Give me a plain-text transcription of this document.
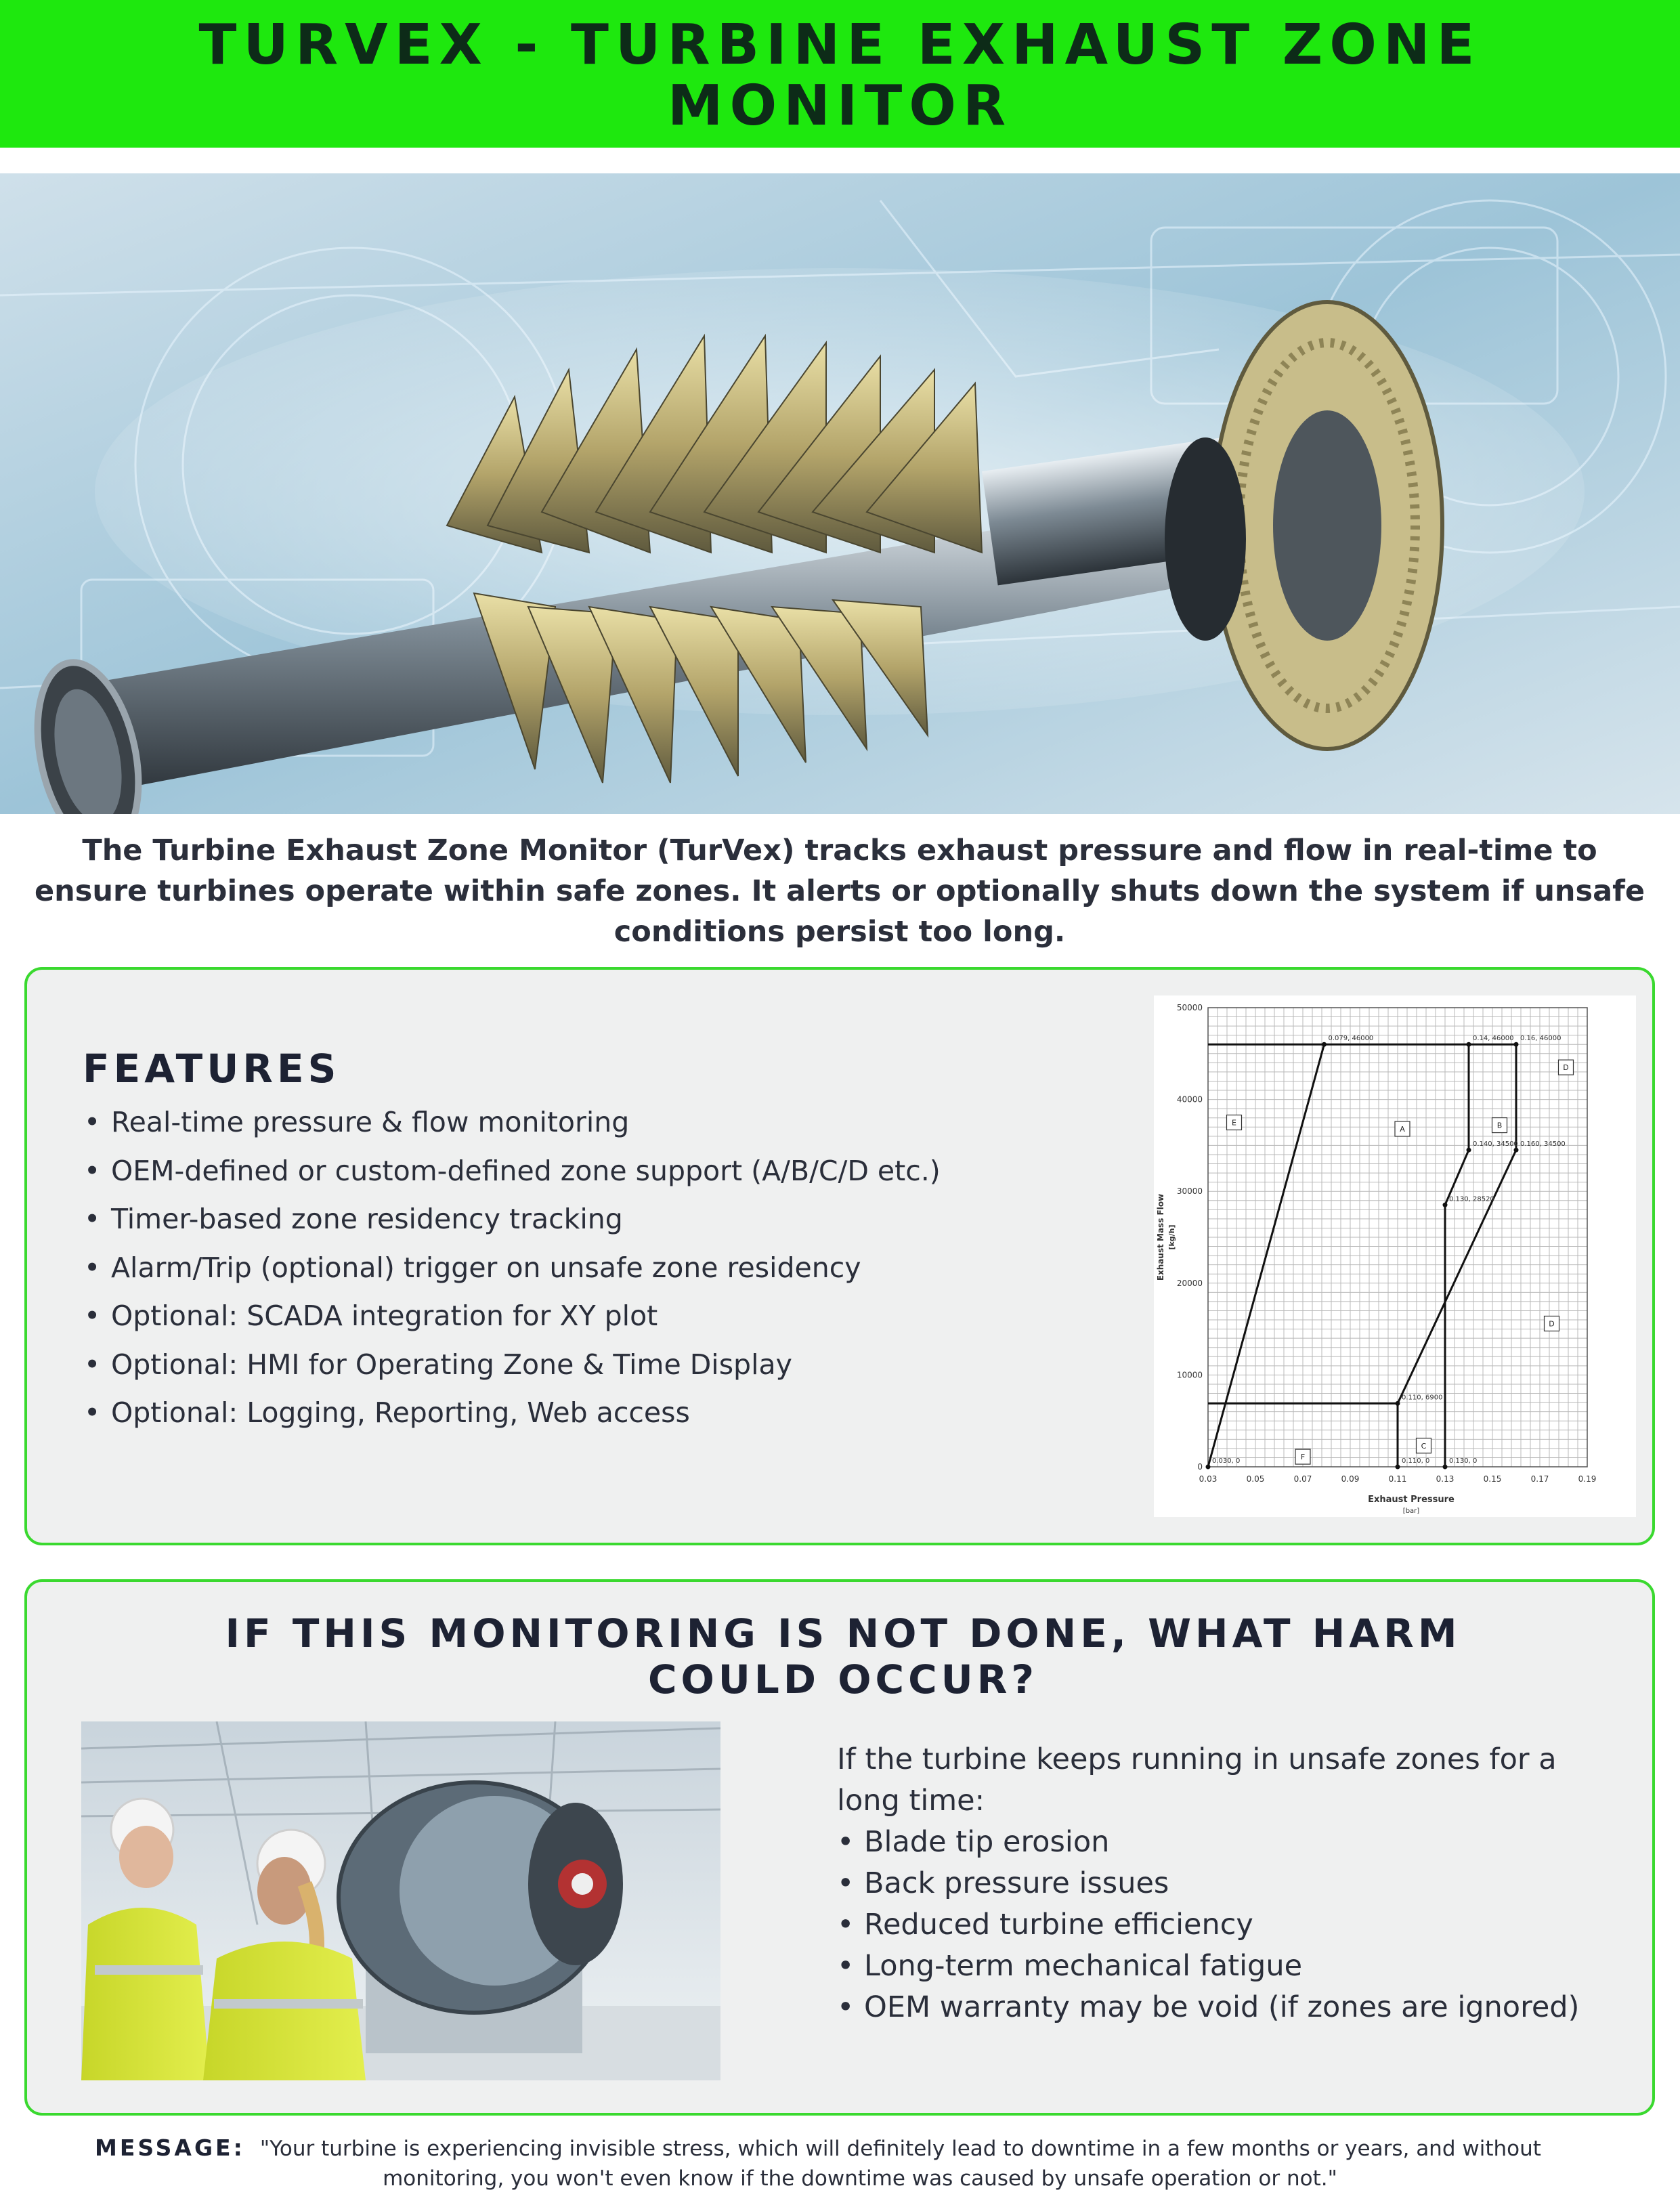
TURVEX - TURBINE EXHAUST ZONE
MONITOR
The Turbine Exhaust Zone Monitor (TurVex) tracks exhaust pressure and flow in real-time to ensure turbines operate within safe zones. It alerts or optionally shuts down the system if unsafe conditions persist too long.
FEATURES
• Real-time pressure & flow monitoring
• OEM-defined or custom-defined zone support (A/B/C/D etc.)
• Timer-based zone residency tracking
• Alarm/Trip (optional) trigger on unsafe zone residency
• Optional: SCADA integration for XY plot
• Optional: HMI for Operating Zone & Time Display
• Optional: Logging, Reporting, Web access
0.03	0.05	0.07	0.09	0.11	0.13	0.15	0.17	0.19
0
10000
20000
30000
40000
50000
Exhaust Pressure
[bar]
Exhaust Mass Flow [kg/h]
0.030, 0
0.079, 46000	0.14, 46000 0.16, 46000
0.140, 34500 0.160, 34500
0.130, 28520
0.110, 6900
0.110, 0	0.130, 0
A	B
C
D
D
E
F
IF THIS MONITORING IS NOT DONE, WHAT HARM
COULD OCCUR?
If the turbine keeps running in unsafe zones for a long time:
• Blade tip erosion
• Back pressure issues
• Reduced turbine efficiency
• Long-term mechanical fatigue
• OEM warranty may be void (if zones are ignored)
MESSAGE: "Your turbine is experiencing invisible stress, which will definitely lead to downtime in a few months or years, and without
monitoring, you won't even know if the downtime was caused by unsafe operation or not."
